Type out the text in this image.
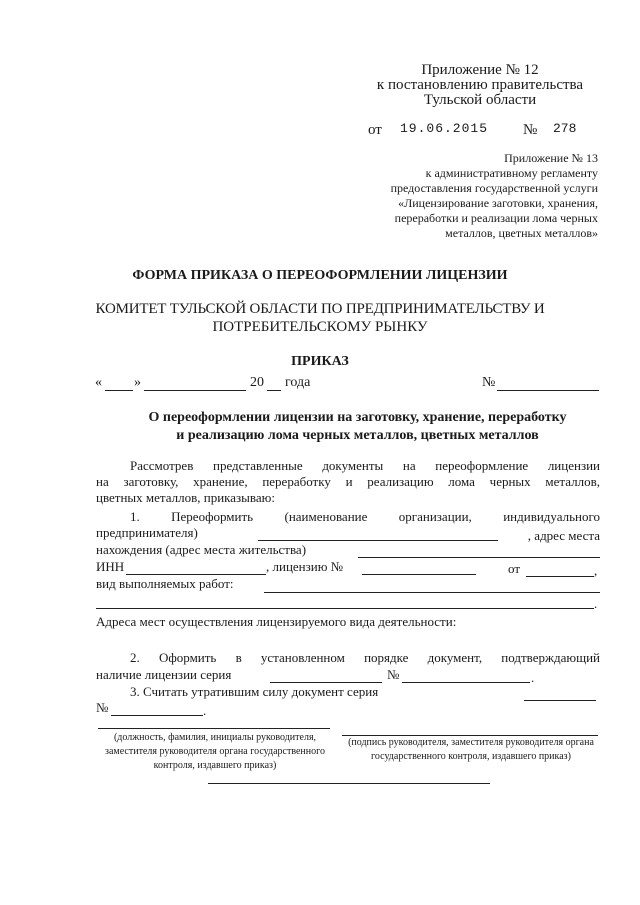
Приложение № 12
к постановлению правительства
Тульской области
от 19.06.2015 № 278
Приложение № 13
к административному регламенту
предоставления государственной услуги
«Лицензирование заготовки, хранения,
переработки и реализации лома черных
металлов, цветных металлов»
ФОРМА ПРИКАЗА О ПЕРЕОФОРМЛЕНИИ ЛИЦЕНЗИИ
КОМИТЕТ ТУЛЬСКОЙ ОБЛАСТИ ПО ПРЕДПРИНИМАТЕЛЬСТВУ И
ПОТРЕБИТЕЛЬСКОМУ РЫНКУ
ПРИКАЗ
« »	20 года	№
О переоформлении лицензии на заготовку, хранение, переработку
и реализацию лома черных металлов, цветных металлов
Рассмотрев представленные документы на переоформление лицензии
на заготовку, хранение, переработку и реализацию лома черных металлов,
цветных металлов, приказываю:
1. Переоформить (наименование организации, индивидуального
предпринимателя)	, адрес места
нахождения (адрес места жительства)
ИНН	, лицензию №	от	,
вид выполняемых работ:
.
Адреса мест осуществления лицензируемого вида деятельности:
2. Оформить в установленном порядке документ, подтверждающий
наличие лицензии серия	№	.
3. Считать утратившим силу документ серия
№	.
(должность, фамилия, инициалы руководителя,
заместителя руководителя органа государственного
контроля, издавшего приказ)
(подпись руководителя, заместителя руководителя органа
государственного контроля, издавшего приказ)
